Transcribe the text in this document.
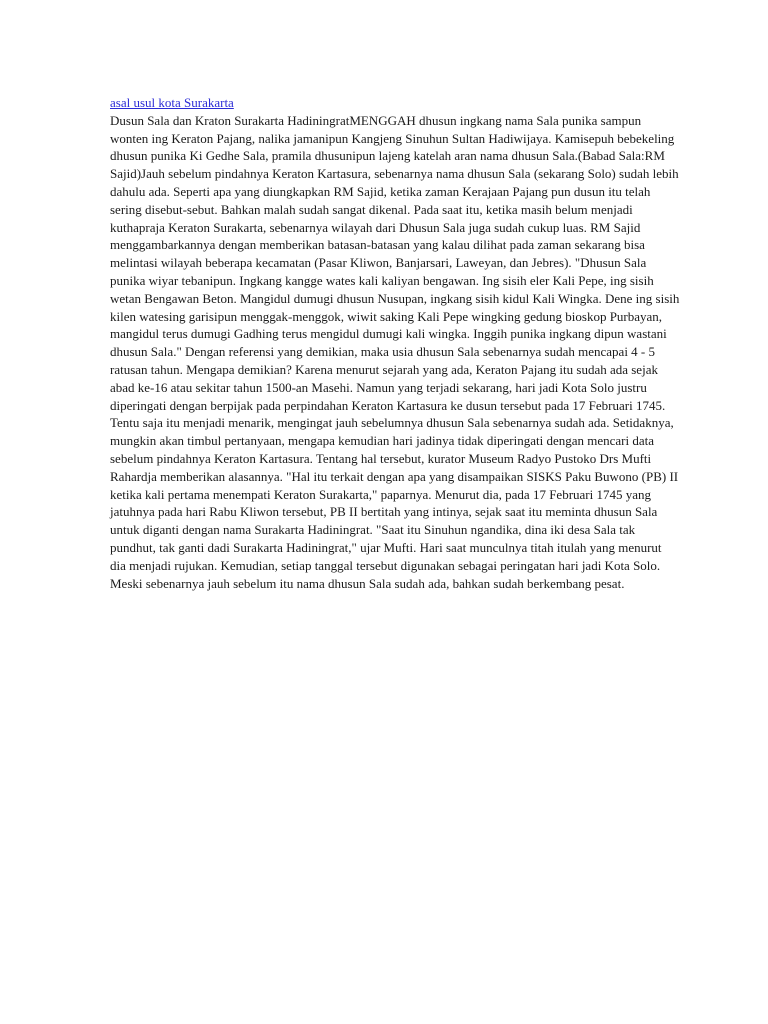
asal usul kota Surakarta

Dusun Sala dan Kraton Surakarta HadiningratMENGGAH dhusun ingkang nama Sala punika sampun wonten ing Keraton Pajang, nalika jamanipun Kangjeng Sinuhun Sultan Hadiwijaya. Kamisepuh bebekeling dhusun punika Ki Gedhe Sala, pramila dhusunipun lajeng katelah aran nama dhusun Sala.(Babad Sala:RM Sajid)Jauh sebelum pindahnya Keraton Kartasura, sebenarnya nama dhusun Sala (sekarang Solo) sudah lebih dahulu ada. Seperti apa yang diungkapkan RM Sajid, ketika zaman Kerajaan Pajang pun dusun itu telah sering disebut-sebut. Bahkan malah sudah sangat dikenal. Pada saat itu, ketika masih belum menjadi kuthapraja Keraton Surakarta, sebenarnya wilayah dari Dhusun Sala juga sudah cukup luas. RM Sajid menggambarkannya dengan memberikan batasan-batasan yang kalau dilihat pada zaman sekarang bisa melintasi wilayah beberapa kecamatan (Pasar Kliwon, Banjarsari, Laweyan, dan Jebres). "Dhusun Sala punika wiyar tebanipun. Ingkang kangge wates kali kaliyan bengawan. Ing sisih eler Kali Pepe, ing sisih wetan Bengawan Beton. Mangidul dumugi dhusun Nusupan, ingkang sisih kidul Kali Wingka. Dene ing sisih kilen watesing garisipun menggak-menggok, wiwit saking Kali Pepe wingking gedung bioskop Purbayan, mangidul terus dumugi Gadhing terus mengidul dumugi kali wingka. Inggih punika ingkang dipun wastani dhusun Sala." Dengan referensi yang demikian, maka usia dhusun Sala sebenarnya sudah mencapai 4 - 5 ratusan tahun. Mengapa demikian? Karena menurut sejarah yang ada, Keraton Pajang itu sudah ada sejak abad ke-16 atau sekitar tahun 1500-an Masehi. Namun yang terjadi sekarang, hari jadi Kota Solo justru diperingati dengan berpijak pada perpindahan Keraton Kartasura ke dusun tersebut pada 17 Februari 1745. Tentu saja itu menjadi menarik, mengingat jauh sebelumnya dhusun Sala sebenarnya sudah ada. Setidaknya, mungkin akan timbul pertanyaan, mengapa kemudian hari jadinya tidak diperingati dengan mencari data sebelum pindahnya Keraton Kartasura. Tentang hal tersebut, kurator Museum Radyo Pustoko Drs Mufti Rahardja memberikan alasannya. "Hal itu terkait dengan apa yang disampaikan SISKS Paku Buwono (PB) II ketika kali pertama menempati Keraton Surakarta," paparnya. Menurut dia, pada 17 Februari 1745 yang jatuhnya pada hari Rabu Kliwon tersebut, PB II bertitah yang intinya, sejak saat itu meminta dhusun Sala untuk diganti dengan nama Surakarta Hadiningrat. "Saat itu Sinuhun ngandika, dina iki desa Sala tak pundhut, tak ganti dadi Surakarta Hadiningrat," ujar Mufti. Hari saat munculnya titah itulah yang menurut dia menjadi rujukan. Kemudian, setiap tanggal tersebut digunakan sebagai peringatan hari jadi Kota Solo. Meski sebenarnya jauh sebelum itu nama dhusun Sala sudah ada, bahkan sudah berkembang pesat.
